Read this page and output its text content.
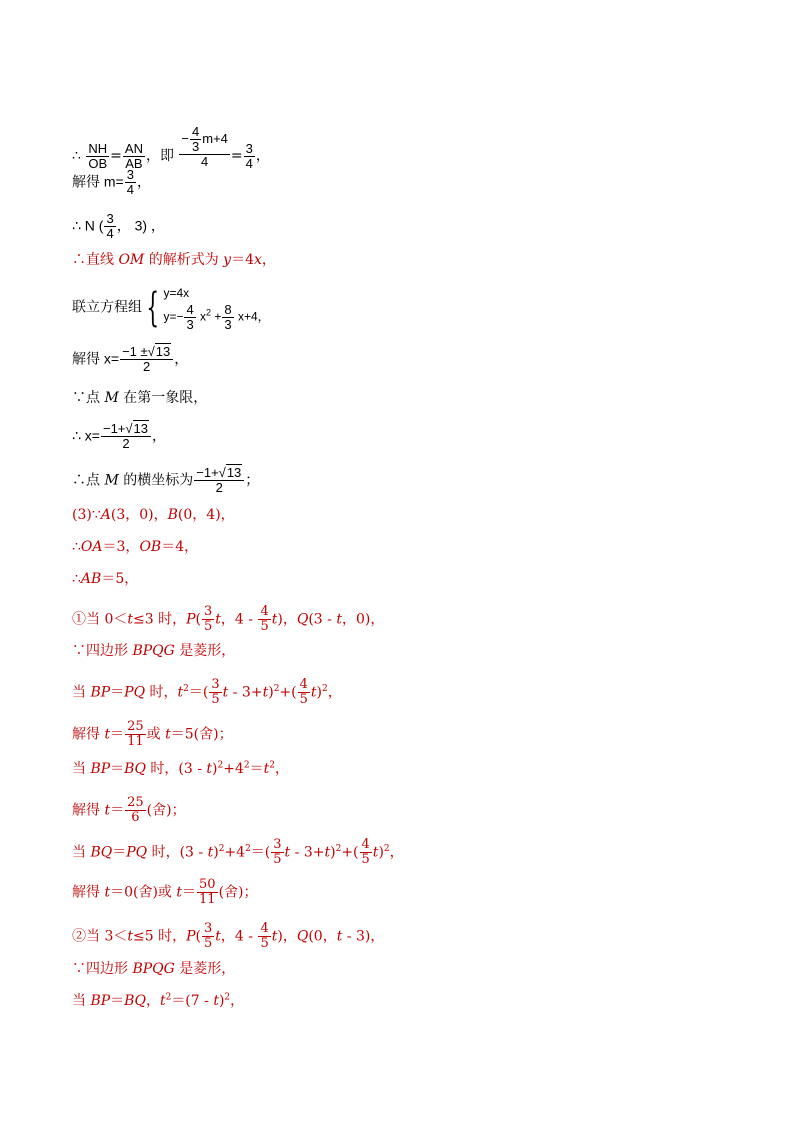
∴ $\frac{NH}{OB} = \frac{AN}{AB}$ ，即 $\frac{- \frac{4}{3} m+4}{4} = \frac{3}{4}$ ，
解得 $m= \frac{3}{4}$ ，
∴ N ( $\frac{3}{4}$ ， 3) ，
∴直线 OM 的解析式为 y＝4x，
联立方程组 { y=4x
$y=- \frac{4}{3} x^2 + \frac{8}{3} x+4$，
解得 $x= \frac{-1 \pm√13}{2}$ ，
∵点 M 在第一象限，
∴ $x= \frac{-1+√13}{2}$ ，
∴点 M 的横坐标为 $\frac{-1+√13}{2}$ ；
(3)∵A(3，0)，B(0，4)，
∴OA＝3，OB＝4，
∴AB＝5，
①当 0＜t≤3 时，$P( \frac{3}{5}$ t，$4 - \frac{4}{5} t$)，Q(3 - t，0)，
∵四边形 BPQG 是菱形，
当 BP＝PQ 时，$t^2=( \frac{3}{5}$ $t - 3+t)^2+( \frac{4}{5} t)^2$，
解得 $t= \frac{25}{11}$ 或 t＝5(舍)；
当 BP＝BQ 时，$(3 - t)^2+4^2=t^2$，
解得 $t= \frac{25}{6}$ (舍)；
当 BQ＝PQ 时，$(3 - t)^2+4^2=( \frac{3}{5}$ $t - 3+t)^2+( \frac{4}{5} t)^2$，
解得 t＝0(舍)或 $t= \frac{50}{11}$ (舍)；
②当 3＜t≤5 时，$P( \frac{3}{5}$ t，$4 - \frac{4}{5} t$)，Q(0，t - 3)，
∵四边形 BPQG 是菱形，
当 BP＝BQ，$t^2=(7 - t)^2$，
